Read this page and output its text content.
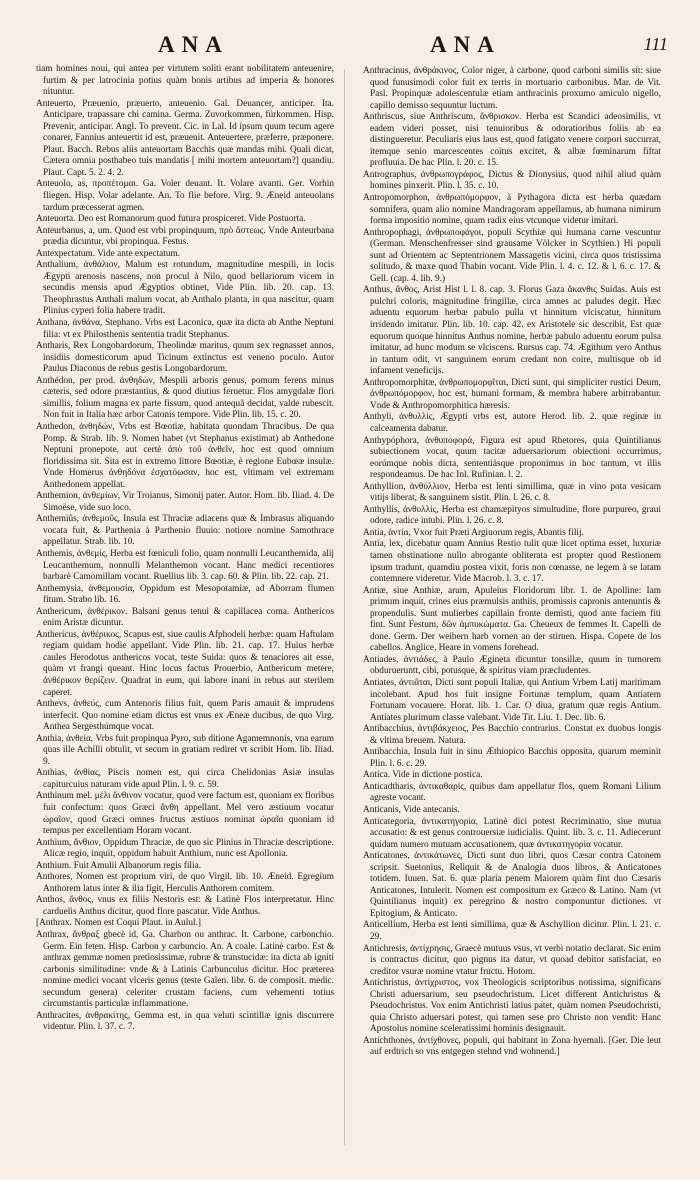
ANA	ANA	111

tiam homines noui, qui antea per virtutem soliti erant nobilitatem anteuenire, furtim & per latrocinia potius quàm bonis artibus ad imperia & honores nituntur.

Anteuerto, Præuenio, præuerto, anteuenio. Gal. Deuancer, anticiper. Ita. Anticipare, trapassare chi camina. Germa. Zuvorkommen, fürkommen. Hisp. Prevenir, anticipar. Angl. To prevent. Cic. in Lal. Id ipsum quum tecum agere conarer, Fannius anteuertit id est, præuenit. Anteuertere, præferre, præponere. Plaut. Bacch. Rebus aliis anteuortam Bacchis quæ mandas mihi. Quali dicat, Cætera omnia posthabeo tuis mandatis [ mihi mortem anteuortam?] quandiu. Plaut. Capt. 5. 2. 4. 2.

Anteuolo, as, προπέτομαι. Ga. Voler deuant. It. Volare avanti. Ger. Vorhin fliegen. Hisp. Volar adelante. An. To flie before. Virg. 9. Æneid anteuolans tardum præcesserat agmen.

Anteuorta. Deo est Romanorum quod futura prospiceret. Vide Postuorta.

Anteurbanus, a, um. Quod est vrbi propinquum, πρὸ ἄστεως. Vnde Anteurbana prædia dicuntur, vbi propinqua. Festus.

Antexpectatum. Vide ante expectatum.

Anthalium, ἀνθάλιον, Malum est rotundum, magnitudine mespili, in locis Ægypti arenosis nascens, non procul à Nilo, quod bellariorum vicem in secundis mensis apud Ægyptios obtinet, Vide Plin. lib. 20. cap. 13. Theophrastus Anthali malum vocat, ab Anthalo planta, in qua nascitur, quam Plinius cyperi folia habere tradit.

Anthana, ἀνθάνα, Stephano. Vrbs est Laconica, quæ ita dicta ab Anthe Neptuni filia: vt ex Philosthenis sententia tradit Stephanus.

Antharis, Rex Longobardorum, Theolindæ maritus, quum sex regnasset annos, insidiis domesticorum apud Ticinum extinctus est veneno poculo. Autor Paulus Diaconus de rebus gestis Longobardorum.

Anthédon, per prod. ἀνθηδών, Mespili arboris genus, pomum ferens minus cæteris, sed odore præstantius, & quod diutius feruetur. Flos amygdalæ flori simillis, folium magna ex parte fissum, quod antequã decidat, valde rubescit. Non fuit in Italia hæc arbor Catonis tempore. Vide Plin. lib. 15. c. 20.

Anthedon, ἀνθηδών, Vrbs est Bœotiæ, habitata quondam Thracibus. De qua Pomp. & Strab. lib. 9. Nomen habet (vt Stephanus existimat) ab Anthedone Neptuni pronepote, aut certè ἀπὸ τοῦ ἀνθεῖν, hoc est quod omnium floridissima sit. Sita est in extremo littore Bœotiæ, è regione Eubœæ insulæ. Vnde Homerus ἀνθηδόνα ἐσχατόωσαν, hoc est, vltimam vel extremam Anthedonem appellat.

Anthemion, ἀνθεμίων, Vir Troianus, Simonij pater. Autor. Hom. lib. Iliad. 4. De Simoëse, vide suo loco.

Anthemiûs, ἀνθεμοῦς, Insula est Thraciæ adiacens quæ & Imbrasus aliquando vocata fuit, & Parthenia à Parthenio fluuio: notiore nomine Samothrace appellatur. Strab. lib. 10.

Anthemis, ἀνθεμίς, Herba est fœniculi folio, quam nonnulli Leucanthemida, alij Leucanthemum, nonnulli Melanthemon vocant. Hanc medici recentiores barbarè Camomillam vocant. Ruellius lib. 3. cap. 60. & Plin. lib. 22. cap. 21.

Anthemysia, ἀνθεμουσία, Oppidum est Mesopotamiæ, ad Aborram flumen fitum. Strabo lib. 16.

Anthericum, ἀνθέρικον. Balsani genus tenui & capillacea coma. Anthericos enim Aristæ dicuntur.

Anthericus, ἀνθέρικος, Scapus est, siue caulis Afphodeli herbæ: quam Haftulam regiam quidam hodie appellant. Vide Plin. lib. 21. cap. 17. Huius herbæ caules Herodotus anthericos vocat, teste Suida: quos & tenaciores ait esse, quàm vt frangi queant. Hinc locus factus Prouerbio, Anthericum metere, ἀνθέρικον θερίζειν. Quadrat in eum, qui labore inani in rebus aut sterilem caperet.

Anthevs, ἀνθεύς, cum Antenoris filius fuit, quem Paris amauit & imprudens interfecit. Quo nomine etiam dictus est vnus ex Æneæ ducibus, de quo Virg. Anthea Sergesthúmque vocat.

Anthia, ἀνθεία, Vrbs fuit propinqua Pyro, sub ditione Agamemnonis, vna earum quas ille Achilli obtulit, vt secum in gratiam rediret vt scribit Hom. lib. Iliad. 9.

Anthias, ἀνθίας, Piscis nomen est, qui circa Chelidonias Asiæ insulas capiturcuius naturam vide apud Plin. l. 9. c. 59.

Anthinum mel. μέλι ἄνθινον vocatur, quod vere factum est, quoniam ex floribus fuit confectum: quos Græci ἄνθη appellant. Mel vero æstiuum vocatur ὡραῖον, quod Græci omnes fructus æstiuos nominat ὡραῖα quoniam id tempus per excellentiam Horam vocant.

Anthium, ἄνθιον, Oppidum Thraciæ, de quo sic Plinius in Thraciæ descriptione. Alicæ regio, inquit, oppidum habuit Anthium, nunc est Apollonia.

Anthium. Fuit Amulii Albanorum regis filia.

Anthores, Nomen est proprium viri, de quo Virgil. lib. 10. Æneid. Egregium Anthorem latus inter & ilia figit, Herculis Anthorem comitem.

Anthos, ἄνθος, vnus ex filiis Nestoris est: & Latinè Flos interpretatur. Hinc carduelis Anthus dicitur, quod flore pascatur. Vide Anthus.

[Anthrax. Nomen est Coqui Plaut. in Aulul.]

Anthrax, ἄνθραξ gbecè id, Ga. Charbon ou anthrac. It. Carbone, carbonchio. Germ. Ein feten. Hisp. Carbon y carbuncio. An. A coale. Latinè carbo. Est & anthrax gemmæ nomen pretiosissimæ, rubræ & transtucidæ: ita dicta ab igniti carbonis similitudine: vnde & à Latinis Carbunculus dicitur. Hoc præterea nomine medici vocant vlceris genus (teste Galen. libr. 6. de composit. medic. secundum genera) celeriter crustam faciens, cum vehementi totius circumstantis particulæ inflammatione.

Anthracites, ἀνθρακίτης, Gemma est, in qua veluti scintillæ ignis discurrere videntur. Plin. l. 37. c. 7.

Anthracinus, ἀνθράκινος, Color niger, à carbone, quod carboni similis sit: siue quod funusimodi color fuit ex terris in mortuario carbonibus. Mar. de Vit. Pasl. Propinquæ adolescentulæ etiam anthracinis proxumo amiculo nigello, capillo demisso sequuntur luctum.

Anthriscus, siue Anthriscum, ἄνθρισκον. Herba est Scandici adeosimilis, vt eadem videri posset, nisi tenuioribus & odoratioribus foliis ab ea distingueretur. Peculiaris eius laus est, quod fatigato venere corpori succurrat, itemque senio marcescentes coitus excitet, & albæ fœminarum fiftat profluuia. De hac Plin. l. 20. c. 15.

Antrographus, ἀνθρωπογράφος, Dictus & Dionysius, quod nihil aliud quàm homines pinxerit. Plin. l. 35. c. 10.

Antropomorphon, ἀνθρωπόμορφον, à Pythagora dicta est herba quædam somnifera, quam alio nomine Mandragoram appellamus, ab humana nimirum forma impositio nomine, quam radix eius vtcunque videtur imitari.

Anthropophagi, ἀνθρωποφάγοι, populi Scythiæ qui humana carne vescuntur (German. Menschenfresser sind grausame Völcker in Scythien.) Hi populi sunt ad Orientem ac Septentrionem Massagetis vicini, circa quos tristissima solitudo, & maxe quod Thabin vocant. Vide Plin. l. 4. c. 12. & l. 6. c. 17. & Gell. (cap. 4. lib. 9.)

Anthus, ἄνθος, Arist Hist l. l. 8. cap. 3. Florus Gaza ἄκανθις Suidas. Auis est pulchri coloris, magnitudine fringillæ, circa amnes ac paludes degit. Hæc aduentu equorum herbæ pabulo pulla vt hinnitum vlciscatur, hinnitum irridendo imitatur. Plin. lib. 10. cap. 42. ex Aristotele sic describit, Est quæ equorum quoque hinnitus Anthus nomine, herbæ pabulo aduentu eorum pulsa imitatur, ad hunc modum se vlciscens. Rursus cap. 74. Ægithum vero Anthus in tantum odit, vt sanguinem eorum credant non coire, multisque ob id infament veneficijs.

Anthropomorphitæ, ἀνθρωπομορφῖται, Dicti sunt, qui simpliciter rustici Deum, ἀνθρωπόμορφον, hoc est, humani formam, & membra habere arbitrabantur. Vnde & Anthropomorphitica hæresis.

Anthyli, ἀνθυλλίς, Ægypti vrbs est, autore Herod. lib. 2. quæ reginæ in calceamenta dabatur.

Anthypóphora, ἀνθυποφορά, Figura est apud Rhetores, quia Quintilianus subiectionem vocat, quum tacitæ aduersariorum obiectioni occurrimus, eorúmque nobis dicta, sententiásque proponimus in hoc tantum, vt illis respondeamus. De hac Inl. Rufinian. l. 2.

Anthyllion, ἀνθύλλιον, Herba est lenti simillima, quæ in vino pota vesicam vitijs liberat, & sanguinem sistit. Plin. l. 26. c. 8.

Anthyllis, ἀνθυλλίς, Herba est chamæpityos simultudine, flore purpureo, graui odore, radice intubi. Plin. l. 26. c. 8.

Antia, ἀντία, Vxor fuit Præti Argiuorum regis, Abantis filij.

Antia, lex, dicebatur quam Annius Restio tulit quæ licet optima esset, luxuriæ tamen obstinatione nullo abrogante obliterata est propter quod Restionem ipsum tradunt, quamdiu postea vixit, foris non cœnasse, ne legem à se latam contemnere videretur. Vide Macrob. l. 3. c. 17.

Antiæ, siue Anthiæ, arum, Apuleius Floridorum libr. 1. de Apolline: Iam primum inquit, crines eius præmulsis anthiis, promissis capronis antenuntis & propendulis. Sunt mulierbes capillain fronte demisti, quod ante faciem fiti fint. Sunt Festum, δῶν ἀμπυκώματα. Ga. Cheueux de femmes It. Capelli de done. Germ. Der weibern harb vornen an der stirnen. Hispa. Copete de los cabellos. Anglice, Heare in vomens forehead.

Antiades, ἀντιάδες, à Paulo Ægineta dicuntur tonsillæ, quum in tumorem obdurueruntt, cibi, potusque, & spiritus viam præcludentes.

Antiates, ἀντιᾶται, Dicti sunt populi Italiæ, qui Antium Vrbem Latij maritimam incolebant. Apud hos fuit insigne Fortunæ templum, quam Antiatem Fortunam vocauere. Horat. lib. 1. Car. O diua, gratum quæ regis Antium. Antiates plurimum classe valebant. Vide Tit. Liu. 1. Dec. lib. 6.

Antibacchius, ἀντιβάκχειος, Pes Bacchio contrarius. Constat ex duobus longis & vltima breuem. Natura.

Antibacchia, Insula fuit in sinu Æthiopico Bacchis opposita, quarum meminit Plin. l. 6. c. 29.

Antica. Vide in dictione postica.

Anticadtharis, ἀντικαθαρίς, quibus dam appellatur flos, quem Romani Lilium agreste vocant.

Anticanis, Vide antecanis.

Anticategoria, ἀντικατηγορία, Latinè dici potest Recriminatio, siue mutua accusatio: & est genus controuersiæ iudicialis. Quint. lib. 3. c. 11. Adiecerunt quidam numero mutuam accusationem, quæ ἀντικατηγορία vocatur.

Anticatones, ἀντικάτωνες, Dicti sunt duo libri, quos Cæsar contra Catonem scripsit. Suetonius, Reliquit & de Analogia duos libros, & Anticatones totidem. Iuuen. Sat. 6. quæ plaria penem Maiorem quàm fint duo Cæsaris Anticatones, Intulerit. Nomen est compositum ex Græco & Latino. Nam (vt Quintilianus inquit) ex peregrino & nostro componuntur dictiones. vt Epitogium, & Anticato.

Anticellium, Herba est lenti simillima, quæ & Aschyllion dicitur. Plin. l. 21. c. 29.

Antichresis, ἀντίχρησις, Graecè mutuus vsus, vt verbi notatio declarat. Sic enim is contractus dicitur, quo pignus ita datur, vt quoad debitor satisfaciat, eo creditor vsuræ nomine vtatur fructu. Hotom.

Antichristus, ἀντίχριστος, vox Theologicis scriptoribus notissima, significans Christi aduersarium, seu pseudochristum. Licet different Antichristus & Pseudochristus. Vox enim Antichristi latius patet, quàm nomen Pseudochristi, quia Christo aduersari potest, qui tamen sese pro Christo non vendit: Hanc Apostolus nomine sceleratissimi hominis designauit.

Antichthones, ἀντίχθονες, populi, qui habitant in Zona hyemali. [Ger. Die leut auf erdtrich so vns entgegen stehnd vnd wohnend.]
